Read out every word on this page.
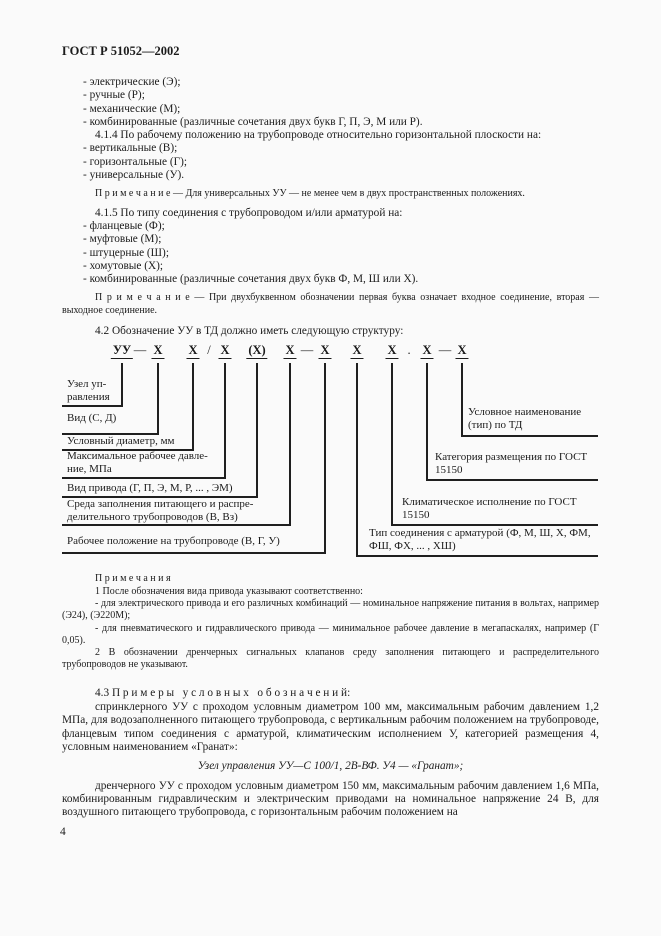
ГОСТ Р 51052—2002

- электрические (Э);
- ручные (Р);
- механические (М);
- комбинированные (различные сочетания двух букв Г, П, Э, М или Р).
4.1.4 По рабочему положению на трубопроводе относительно горизонтальной плоскости на:
- вертикальные (В);
- горизонтальные (Г);
- универсальные (У).

П р и м е ч а н и е — Для универсальных УУ — не менее чем в двух пространственных положениях.

4.1.5 По типу соединения с трубопроводом и/или арматурой на:
- фланцевые (Ф);
- муфтовые (М);
- штуцерные (Ш);
- хомутовые (Х);
- комбинированные (различные сочетания двух букв Ф, М, Ш или Х).

П р и м е ч а н и е — При двухбуквенном обозначении первая буква означает входное соединение, вторая — выходное соединение.

4.2 Обозначение УУ в ТД должно иметь следующую структуру:
УУ — X X / X (X) X — X X X . X — X
Узел уп-
равления
Вид (С, Д)
Условный диаметр, мм
Максимальное рабочее давле-
ние, МПа
Вид привода (Г, П, Э, М, Р, ... , ЭМ)
Среда заполнения питающего и распре-
делительного трубопроводов (В, Вз)
Рабочее положение на трубопроводе (В, Г, У)
Условное наименование
(тип) по ТД
Категория размещения по ГОСТ
15150
Климатическое исполнение по ГОСТ
15150
Тип соединения с арматурой (Ф, М, Ш, Х, ФМ,
ФШ, ФХ, ... , ХШ)

П р и м е ч а н и я

1 После обозначения вида привода указывают соответственно:

- для электрического привода и его различных комбинаций — номинальное напряжение питания в вольтах, например (Э24), (Э220М);

- для пневматического и гидравлического привода — минимальное рабочее давление в мегапаскалях, например (Г 0,05).

2 В обозначении дренчерных сигнальных клапанов среду заполнения питающего и распределительного трубопроводов не указывают.

4.3 П р и м е р ы   у с л о в н ы х   о б о з н а ч е н и й:

спринклерного УУ с проходом условным диаметром 100 мм, максимальным рабочим давлением 1,2 МПа, для водозаполненного питающего трубопровода, с вертикальным рабочим положением на трубопроводе, фланцевым типом соединения с арматурой, климатическим исполнением У, категорией размещения 4, условным наименованием «Гранат»:

Узел управления УУ—С 100/1, 2В-ВФ. У4 — «Гранат»;

дренчерного УУ с проходом условным диаметром 150 мм, максимальным рабочим давлением 1,6 МПа, комбинированным гидравлическим и электрическим приводами на номинальное напряжение 24 В, для воздушного питающего трубопровода, с горизонтальным рабочим положением на

4
